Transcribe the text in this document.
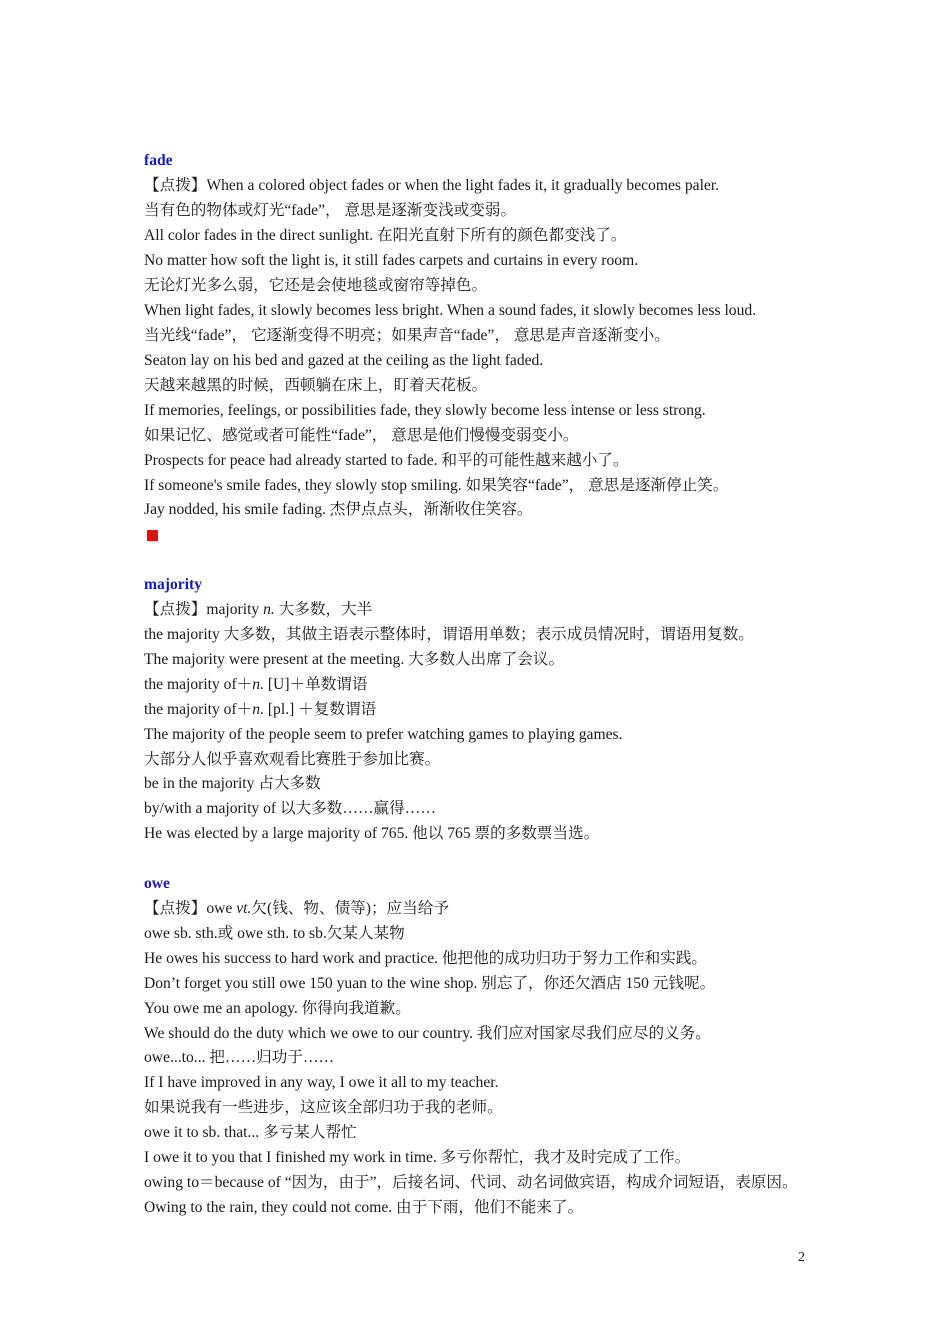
fade
【点拨】When a colored object fades or when the light fades it, it gradually becomes paler.
当有色的物体或灯光“fade”， 意思是逐渐变浅或变弱。
All color fades in the direct sunlight. 在阳光直射下所有的颜色都变浅了。
No matter how soft the light is, it still fades carpets and curtains in every room.
无论灯光多么弱，它还是会使地毯或窗帘等掉色。
When light fades, it slowly becomes less bright. When a sound fades, it slowly becomes less loud.
当光线“fade”， 它逐渐变得不明亮；如果声音“fade”， 意思是声音逐渐变小。
Seaton lay on his bed and gazed at the ceiling as the light faded.
天越来越黑的时候，西顿躺在床上，盯着天花板。
If memories, feelings, or possibilities fade, they slowly become less intense or less strong.
如果记忆、感觉或者可能性“fade”， 意思是他们慢慢变弱变小。
Prospects for peace had already started to fade. 和平的可能性越来越小了。
If someone's smile fades, they slowly stop smiling. 如果笑容“fade”， 意思是逐渐停止笑。
Jay nodded, his smile fading. 杰伊点点头，渐渐收住笑容。
majority
【点拨】majority n. 大多数，大半
the majority 大多数，其做主语表示整体时，谓语用单数；表示成员情况时，谓语用复数。
The majority were present at the meeting. 大多数人出席了会议。
the majority of＋n. [U]＋单数谓语
the majority of＋n. [pl.] ＋复数谓语
The majority of the people seem to prefer watching games to playing games.
大部分人似乎喜欢观看比赛胜于参加比赛。
be in the majority 占大多数
by/with a majority of 以大多数……赢得……
He was elected by a large majority of 765. 他以 765 票的多数票当选。
owe
【点拨】owe vt.欠(钱、物、债等)；应当给予
owe sb. sth.或 owe sth. to sb.欠某人某物
He owes his success to hard work and practice. 他把他的成功归功于努力工作和实践。
Don’t forget you still owe 150 yuan to the wine shop. 别忘了，你还欠酒店 150 元钱呢。
You owe me an apology. 你得向我道歉。
We should do the duty which we owe to our country. 我们应对国家尽我们应尽的义务。
owe...to... 把……归功于……
If I have improved in any way, I owe it all to my teacher.
如果说我有一些进步，这应该全部归功于我的老师。
owe it to sb. that... 多亏某人帮忙
I owe it to you that I finished my work in time. 多亏你帮忙，我才及时完成了工作。
owing to＝because of “因为，由于”，后接名词、代词、动名词做宾语，构成介词短语，表原因。
Owing to the rain, they could not come. 由于下雨，他们不能来了。
2
